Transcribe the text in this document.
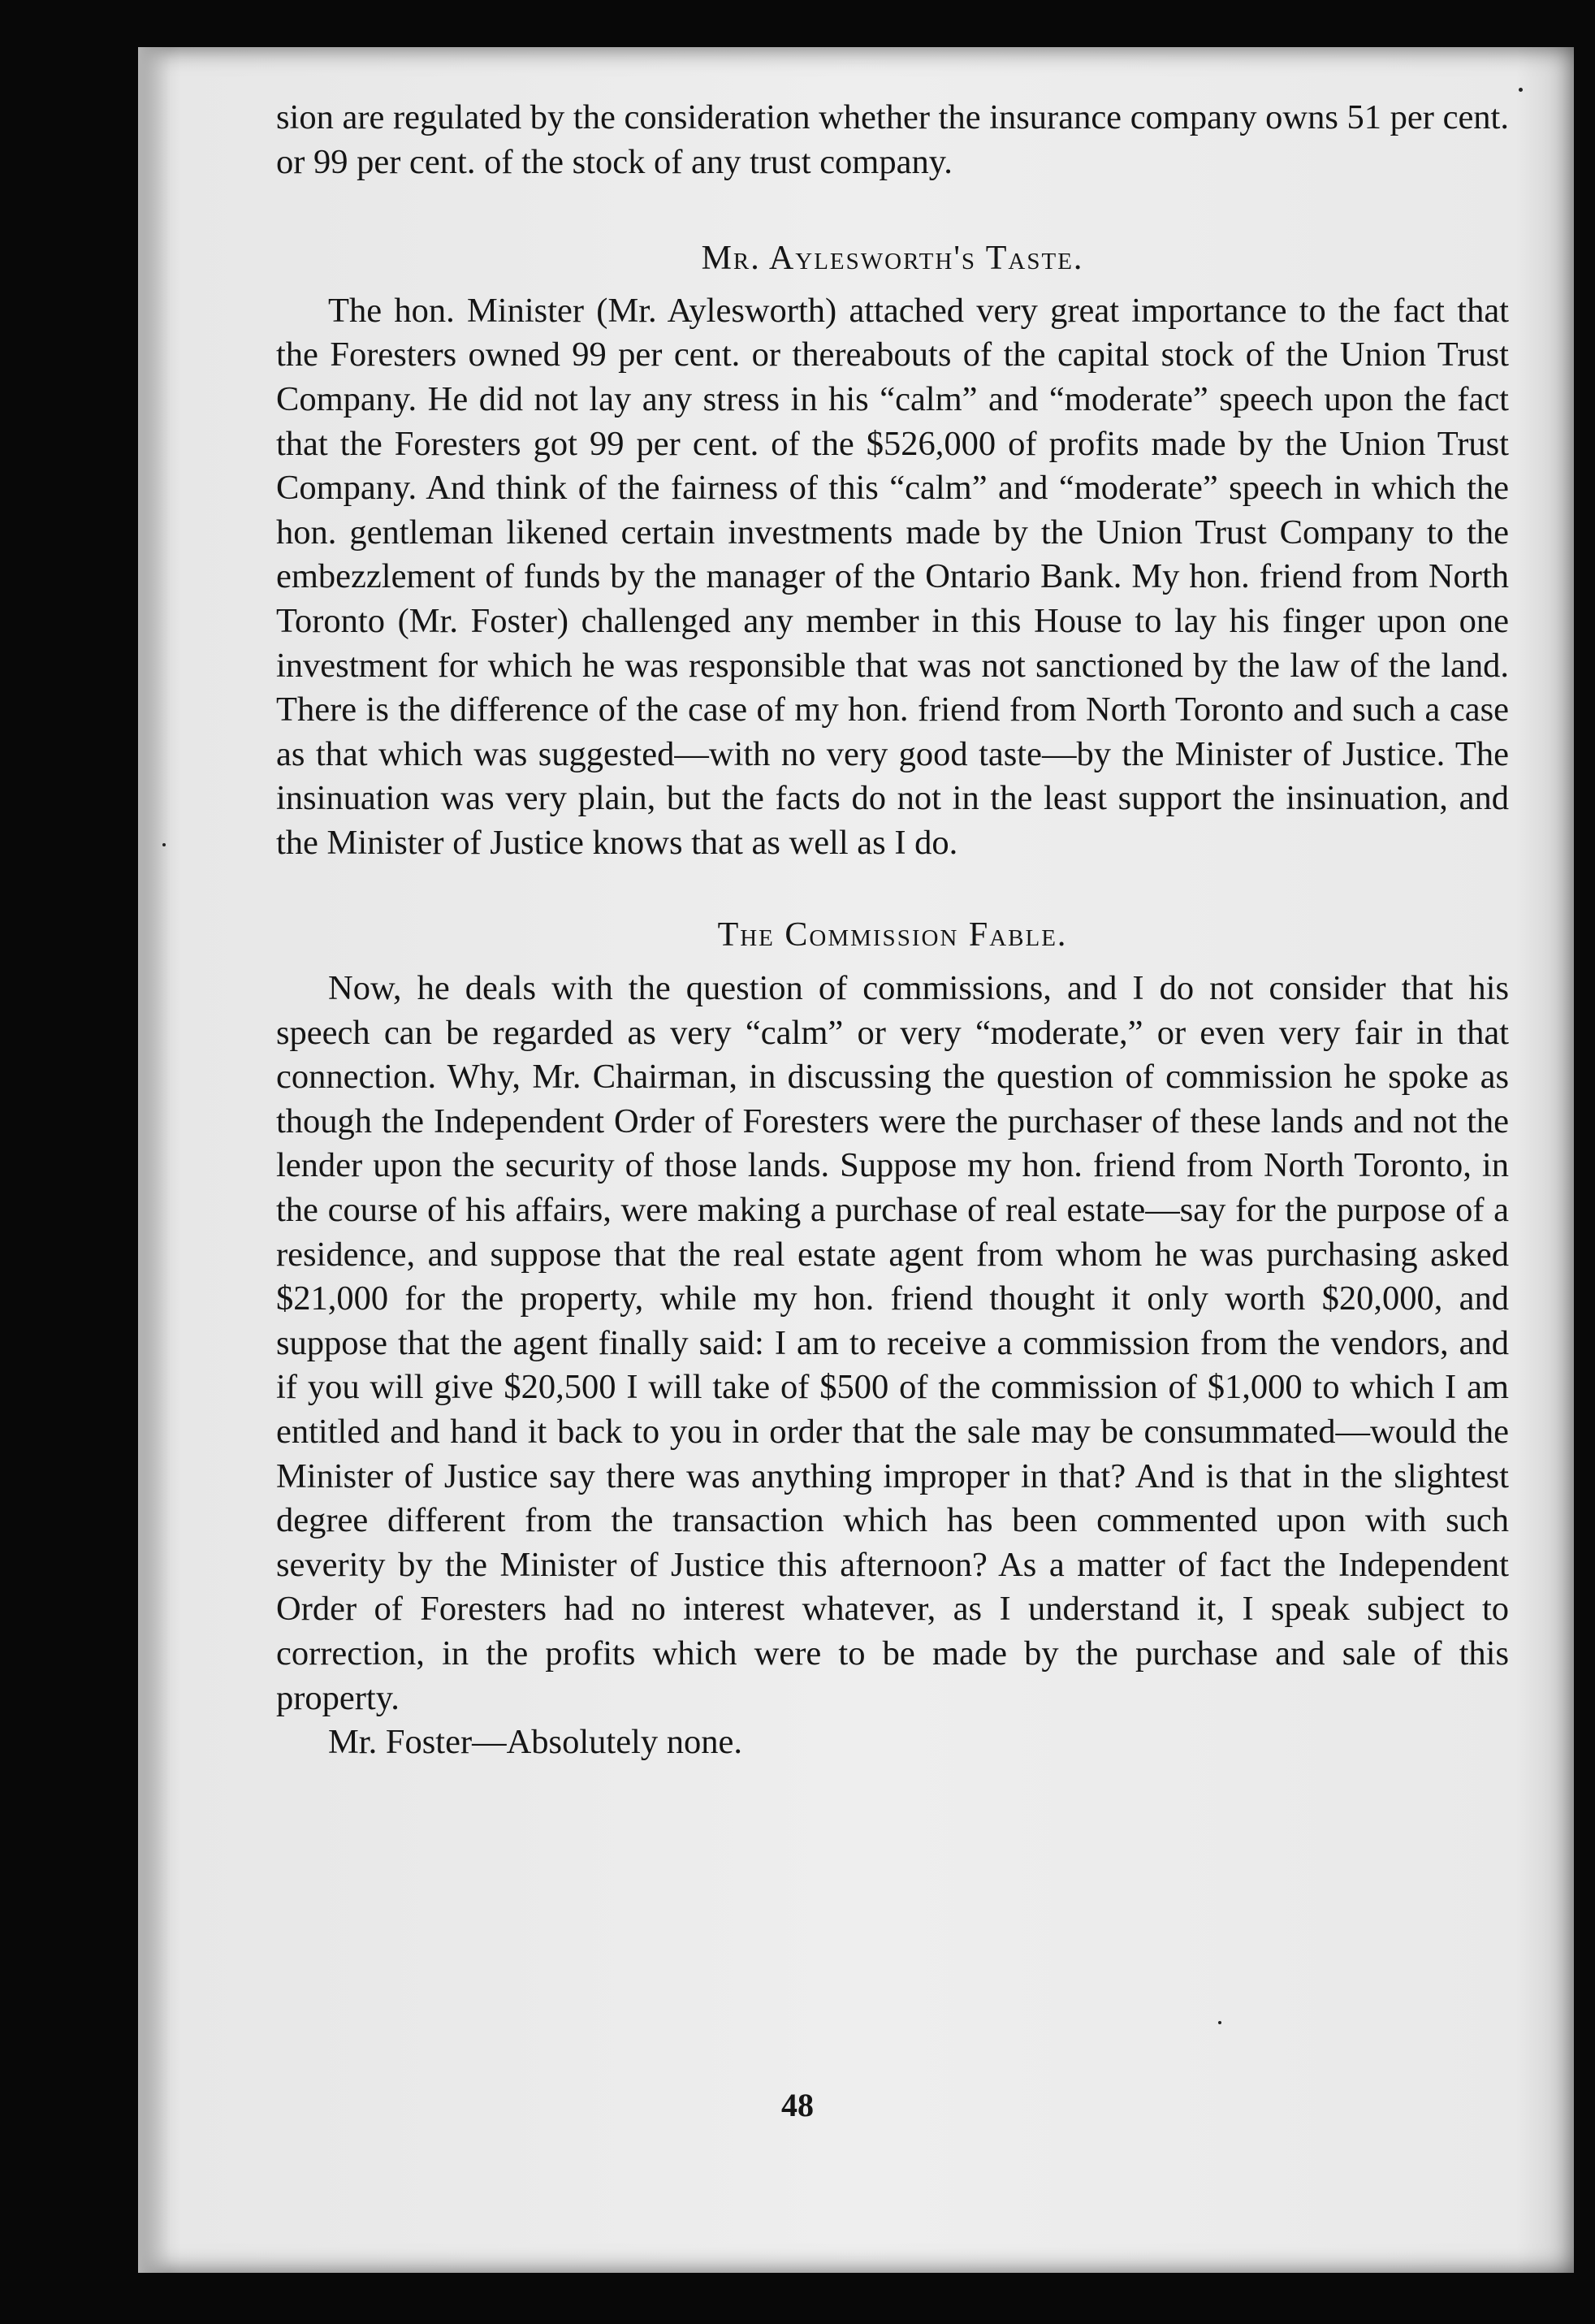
sion are regulated by the consideration whether the insurance company owns 51 per cent. or 99 per cent. of the stock of any trust company.

Mr. Aylesworth's Taste.

The hon. Minister (Mr. Aylesworth) attached very great importance to the fact that the Foresters owned 99 per cent. or thereabouts of the capital stock of the Union Trust Company. He did not lay any stress in his “calm” and “moderate” speech upon the fact that the Foresters got 99 per cent. of the $526,000 of profits made by the Union Trust Company. And think of the fairness of this “calm” and “moderate” speech in which the hon. gentleman likened certain investments made by the Union Trust Company to the embezzlement of funds by the manager of the Ontario Bank. My hon. friend from North Toronto (Mr. Foster) challenged any member in this House to lay his finger upon one investment for which he was responsible that was not sanctioned by the law of the land. There is the difference of the case of my hon. friend from North Toronto and such a case as that which was suggested—with no very good taste—by the Minister of Justice. The insinuation was very plain, but the facts do not in the least support the insinuation, and the Minister of Justice knows that as well as I do.

The Commission Fable.

Now, he deals with the question of commissions, and I do not consider that his speech can be regarded as very “calm” or very “moderate,” or even very fair in that connection. Why, Mr. Chairman, in discussing the question of commission he spoke as though the Independent Order of Foresters were the purchaser of these lands and not the lender upon the security of those lands. Suppose my hon. friend from North Toronto, in the course of his affairs, were making a purchase of real estate—say for the purpose of a residence, and suppose that the real estate agent from whom he was purchasing asked $21,000 for the property, while my hon. friend thought it only worth $20,000, and suppose that the agent finally said: I am to receive a commission from the vendors, and if you will give $20,500 I will take of $500 of the commission of $1,000 to which I am entitled and hand it back to you in order that the sale may be consummated—would the Minister of Justice say there was anything improper in that? And is that in the slightest degree different from the transaction which has been commented upon with such severity by the Minister of Justice this afternoon? As a matter of fact the Independent Order of Foresters had no interest whatever, as I understand it, I speak subject to correction, in the profits which were to be made by the purchase and sale of this property.

Mr. Foster—Absolutely none.

48
